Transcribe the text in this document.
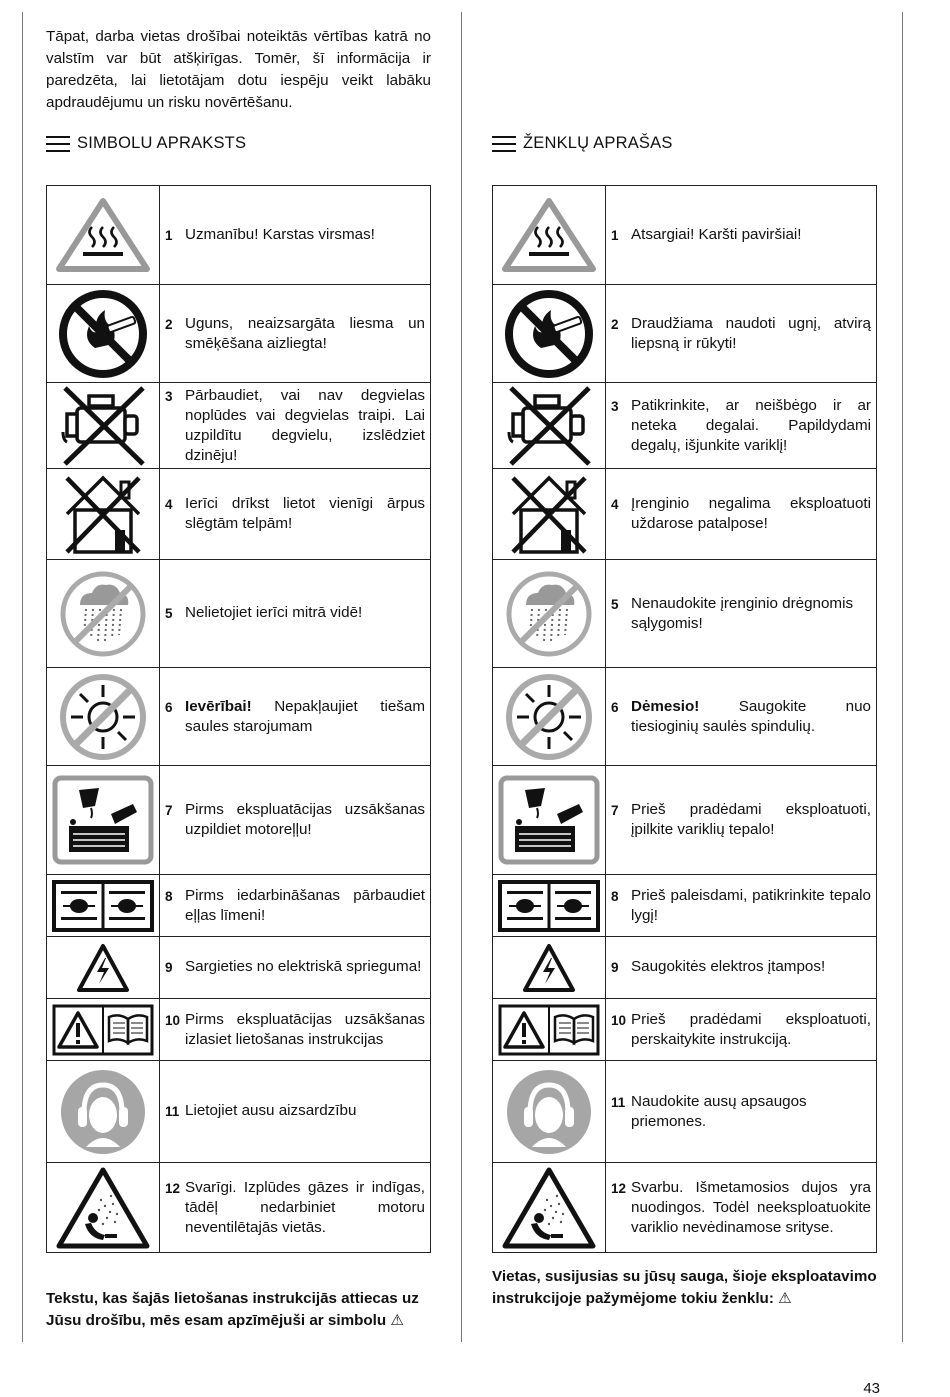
Tāpat, darba vietas drošībai noteiktās vērtības katrā no valstīm var būt atšķirīgas. Tomēr, šī informācija ir paredzēta, lai lietotājam dotu iespēju veikt labāku apdraudējumu un risku novērtēšanu.
SIMBOLU APRAKSTS

1 Uzmanību! Karstas virsmas!

2 Uguns, neaizsargāta liesma un smēķēšana aizliegta!

3 Pārbaudiet, vai nav degvielas noplūdes vai degvielas traipi. Lai uzpildītu degvielu, izslēdziet dzinēju!

4 Ierīci drīkst lietot vienīgi ārpus slēgtām telpām!

5 Nelietojiet ierīci mitrā vidē!

6 Ievērībai! Nepakļaujiet tiešam saules starojumam

7 Pirms ekspluatācijas uzsākšanas uzpildiet motoreļļu!

8 Pirms iedarbināšanas pārbaudiet eļļas līmeni!

9 Sargieties no elektriskā sprieguma!

10 Pirms ekspluatācijas uzsākšanas izlasiet lietošanas instrukcijas

11 Lietojiet ausu aizsardzību

12 Svarīgi. Izplūdes gāzes ir indīgas, tādēļ nedarbiniet motoru neventilētajās vietās.
Tekstu, kas šajās lietošanas instrukcijās attiecas uz Jūsu drošību, mēs esam apzīmējuši ar simbolu ⚠
ŽENKLŲ APRAŠAS

1 Atsargiai! Karšti paviršiai!

2 Draudžiama naudoti ugnį, atvirą liepsną ir rūkyti!

3 Patikrinkite, ar neišbėgo ir ar neteka degalai. Papildydami degalų, išjunkite variklį!

4 Įrenginio negalima eksploatuoti uždarose patalpose!

5 Nenaudokite įrenginio drėgnomis sąlygomis!

6 Dėmesio! Saugokite nuo tiesioginių saulės spindulių.

7 Prieš pradėdami eksploatuoti, įpilkite variklių tepalo!

8 Prieš paleisdami, patikrinkite tepalo lygį!

9 Saugokitės elektros įtampos!

10 Prieš pradėdami eksploatuoti, perskaitykite instrukciją.

11 Naudokite ausų apsaugos priemones.

12 Svarbu. Išmetamosios dujos yra nuodingos. Todėl neeksploatuokite variklio nevėdinamose srityse.
Vietas, susijusias su jūsų sauga, šioje eksploatavimo instrukcijoje pažymėjome tokiu ženklu: ⚠
43
